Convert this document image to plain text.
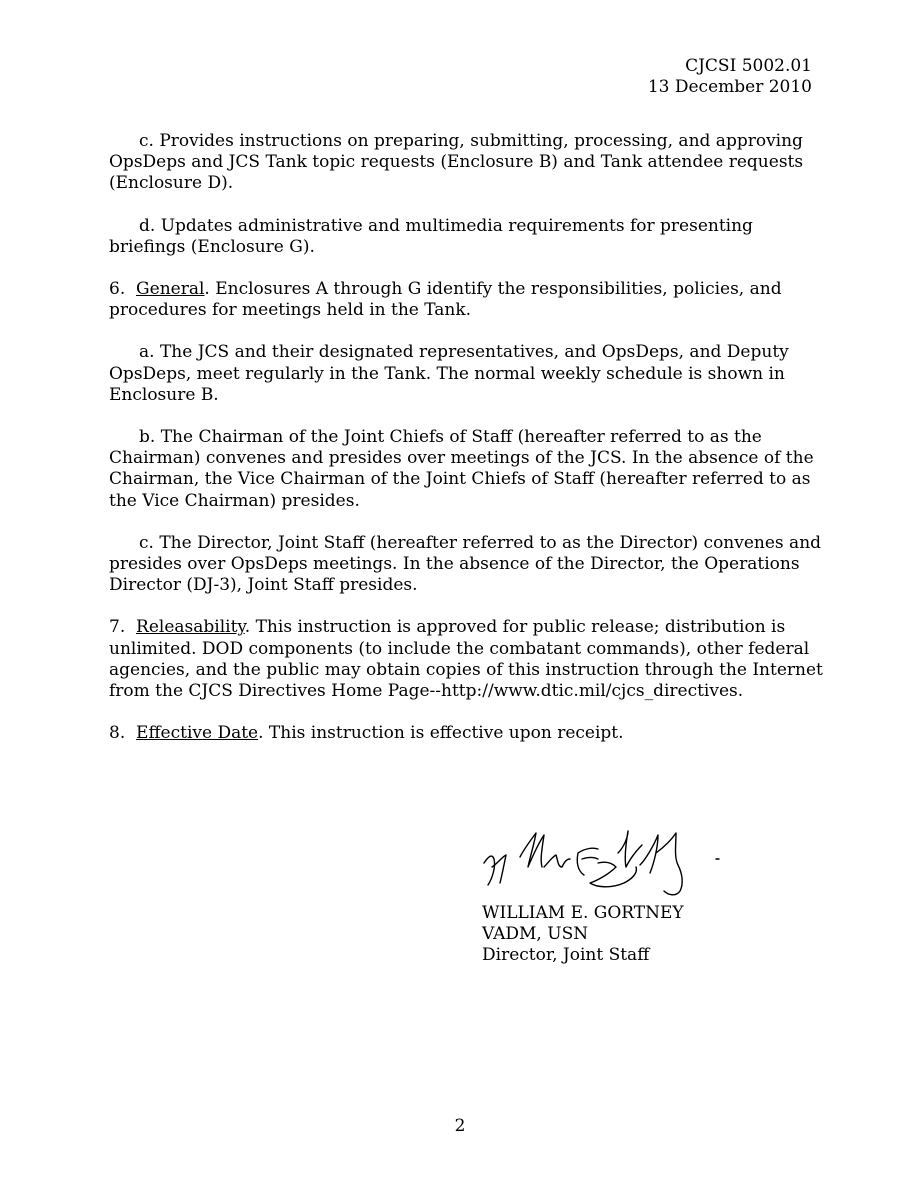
CJCSI 5002.01
13 December 2010

c. Provides instructions on preparing, submitting, processing, and approving OpsDeps and JCS Tank topic requests (Enclosure B) and Tank attendee requests (Enclosure D).

d. Updates administrative and multimedia requirements for presenting briefings (Enclosure G).

6. General. Enclosures A through G identify the responsibilities, policies, and procedures for meetings held in the Tank.

a. The JCS and their designated representatives, and OpsDeps, and Deputy OpsDeps, meet regularly in the Tank. The normal weekly schedule is shown in Enclosure B.

b. The Chairman of the Joint Chiefs of Staff (hereafter referred to as the Chairman) convenes and presides over meetings of the JCS. In the absence of the Chairman, the Vice Chairman of the Joint Chiefs of Staff (hereafter referred to as the Vice Chairman) presides.

c. The Director, Joint Staff (hereafter referred to as the Director) convenes and presides over OpsDeps meetings. In the absence of the Director, the Operations Director (DJ-3), Joint Staff presides.

7. Releasability. This instruction is approved for public release; distribution is unlimited. DOD components (to include the combatant commands), other federal agencies, and the public may obtain copies of this instruction through the Internet from the CJCS Directives Home Page--http://www.dtic.mil/cjcs_directives.

8. Effective Date. This instruction is effective upon receipt.

WILLIAM E. GORTNEY
VADM, USN
Director, Joint Staff
2
